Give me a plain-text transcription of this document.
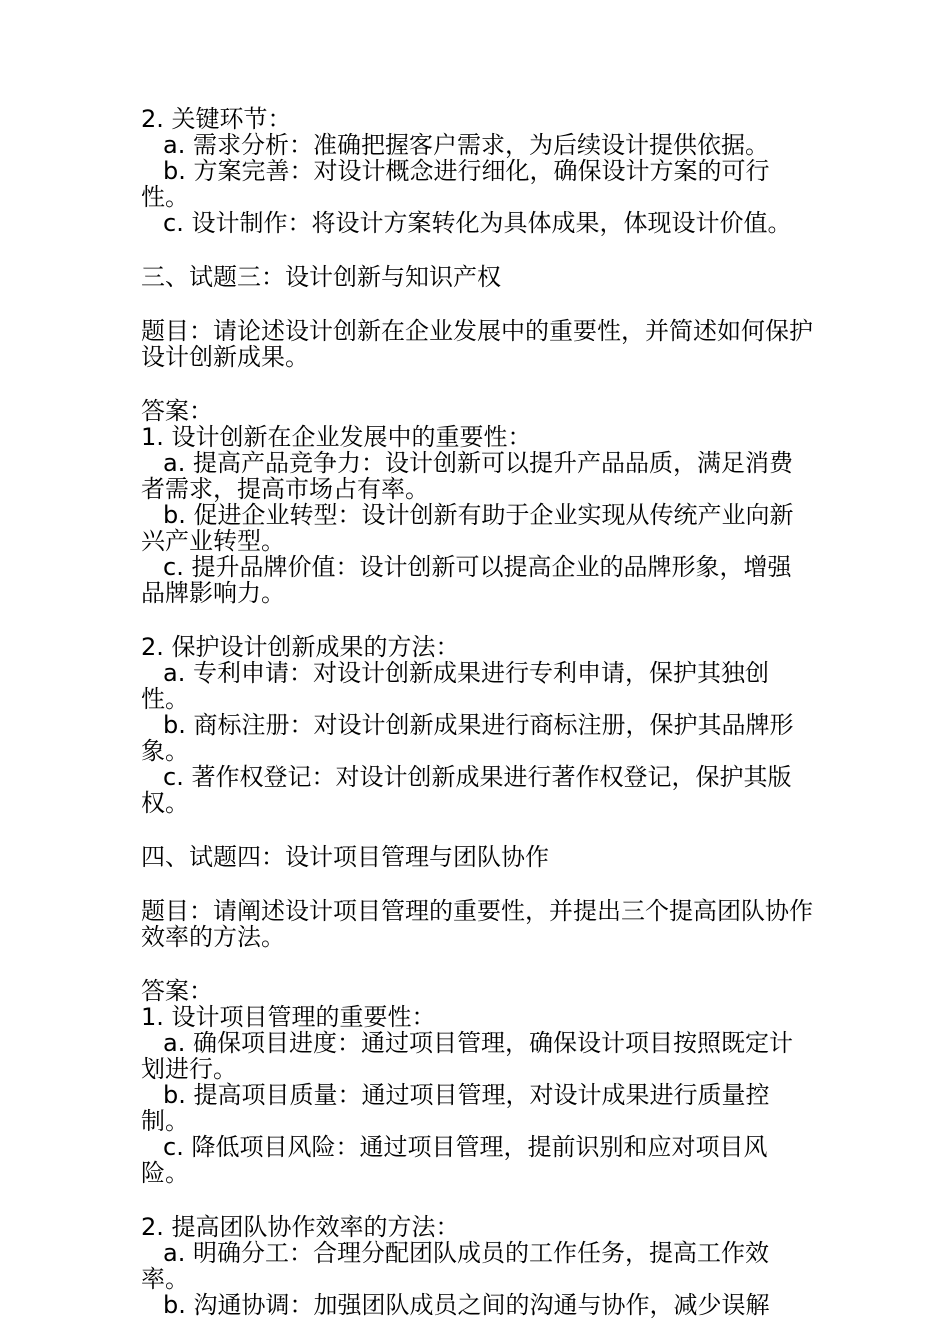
2. 关键环节：

a. 需求分析：准确把握客户需求，为后续设计提供依据。

b. 方案完善：对设计概念进行细化，确保设计方案的可行性。

c. 设计制作：将设计方案转化为具体成果，体现设计价值。

三、试题三：设计创新与知识产权

题目：请论述设计创新在企业发展中的重要性，并简述如何保护设计创新成果。

答案：

1. 设计创新在企业发展中的重要性：

a. 提高产品竞争力：设计创新可以提升产品品质，满足消费者需求，提高市场占有率。

b. 促进企业转型：设计创新有助于企业实现从传统产业向新兴产业转型。

c. 提升品牌价值：设计创新可以提高企业的品牌形象，增强品牌影响力。

2. 保护设计创新成果的方法：

a. 专利申请：对设计创新成果进行专利申请，保护其独创性。

b. 商标注册：对设计创新成果进行商标注册，保护其品牌形象。

c. 著作权登记：对设计创新成果进行著作权登记，保护其版权。

四、试题四：设计项目管理与团队协作

题目：请阐述设计项目管理的重要性，并提出三个提高团队协作效率的方法。

答案：

1. 设计项目管理的重要性：

a. 确保项目进度：通过项目管理，确保设计项目按照既定计划进行。

b. 提高项目质量：通过项目管理，对设计成果进行质量控制。

c. 降低项目风险：通过项目管理，提前识别和应对项目风险。

2. 提高团队协作效率的方法：

a. 明确分工：合理分配团队成员的工作任务，提高工作效率。

b. 沟通协调：加强团队成员之间的沟通与协作，减少误解
